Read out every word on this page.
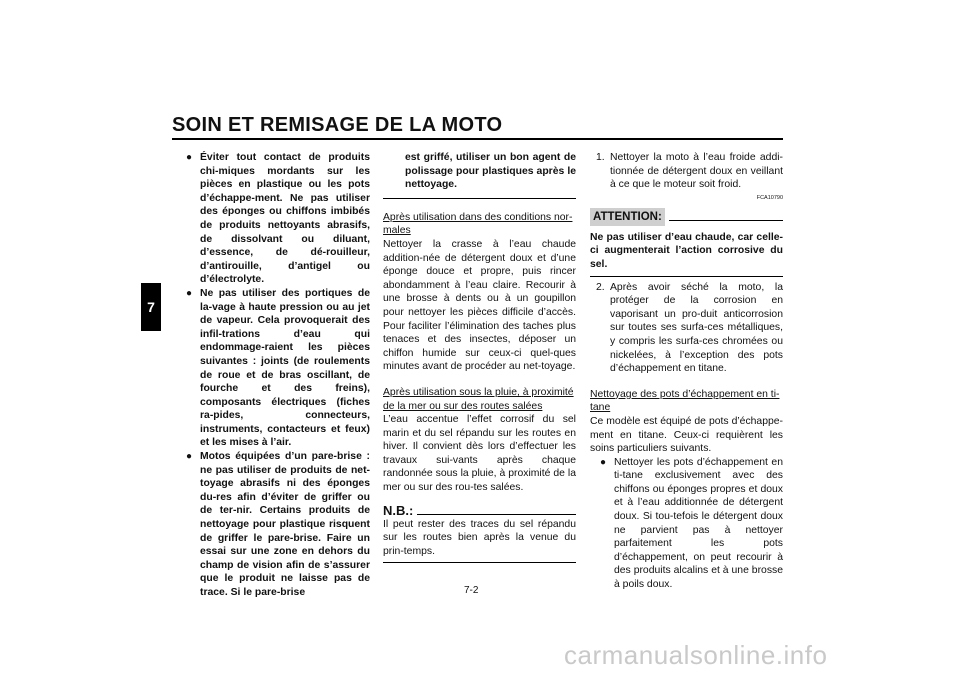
SOIN ET REMISAGE DE LA MOTO
7
● Éviter tout contact de produits chi-miques mordants sur les pièces en plastique ou les pots d’échappe-ment. Ne pas utiliser des éponges ou chiffons imbibés de produits nettoyants abrasifs, de dissolvant ou diluant, d’essence, de dé-rouilleur, d’antirouille, d’antigel ou d’électrolyte.
● Ne pas utiliser des portiques de la-vage à haute pression ou au jet de vapeur. Cela provoquerait des infil-trations d’eau qui endommage-raient les pièces suivantes : joints (de roulements de roue et de bras oscillant, de fourche et des freins), composants électriques (fiches ra-pides, connecteurs, instruments, contacteurs et feux) et les mises à l’air.
● Motos équipées d’un pare-brise : ne pas utiliser de produits de net-toyage abrasifs ni des éponges du-res afin d’éviter de griffer ou de ter-nir. Certains produits de nettoyage pour plastique risquent de griffer le pare-brise. Faire un essai sur une zone en dehors du champ de vision afin de s’assurer que le produit ne laisse pas de trace. Si le pare-brise
est griffé, utiliser un bon agent de polissage pour plastiques après le nettoyage.
Après utilisation dans des conditions nor-males
Nettoyer la crasse à l’eau chaude addition-née de détergent doux et d’une éponge douce et propre, puis rincer abondamment à l’eau claire. Recourir à une brosse à dents ou à un goupillon pour nettoyer les pièces difficile d’accès. Pour faciliter l’élimination des taches plus tenaces et des insectes, déposer un chiffon humide sur ceux-ci quel-ques minutes avant de procéder au net-toyage.
Après utilisation sous la pluie, à proximité de la mer ou sur des routes salées
L’eau accentue l’effet corrosif du sel marin et du sel répandu sur les routes en hiver. Il convient dès lors d’effectuer les travaux sui-vants après chaque randonnée sous la pluie, à proximité de la mer ou sur des rou-tes salées.
N.B.:
Il peut rester des traces du sel répandu sur les routes bien après la venue du prin-temps.
1. Nettoyer la moto à l’eau froide addi-tionnée de détergent doux en veillant à ce que le moteur soit froid.
FCA10790
ATTENTION:
Ne pas utiliser d’eau chaude, car celle-ci augmenterait l’action corrosive du sel.
2. Après avoir séché la moto, la protéger de la corrosion en vaporisant un pro-duit anticorrosion sur toutes ses surfa-ces métalliques, y compris les surfa-ces chromées ou nickelées, à l’exception des pots d’échappement en titane.
Nettoyage des pots d’échappement en ti-tane
Ce modèle est équipé de pots d’échappe-ment en titane. Ceux-ci requièrent les soins particuliers suivants.
● Nettoyer les pots d’échappement en ti-tane exclusivement avec des chiffons ou éponges propres et doux et à l’eau additionnée de détergent doux. Si tou-tefois le détergent doux ne parvient pas à nettoyer parfaitement les pots d’échappement, on peut recourir à des produits alcalins et à une brosse à poils doux.
7-2
carmanualsonline.info
